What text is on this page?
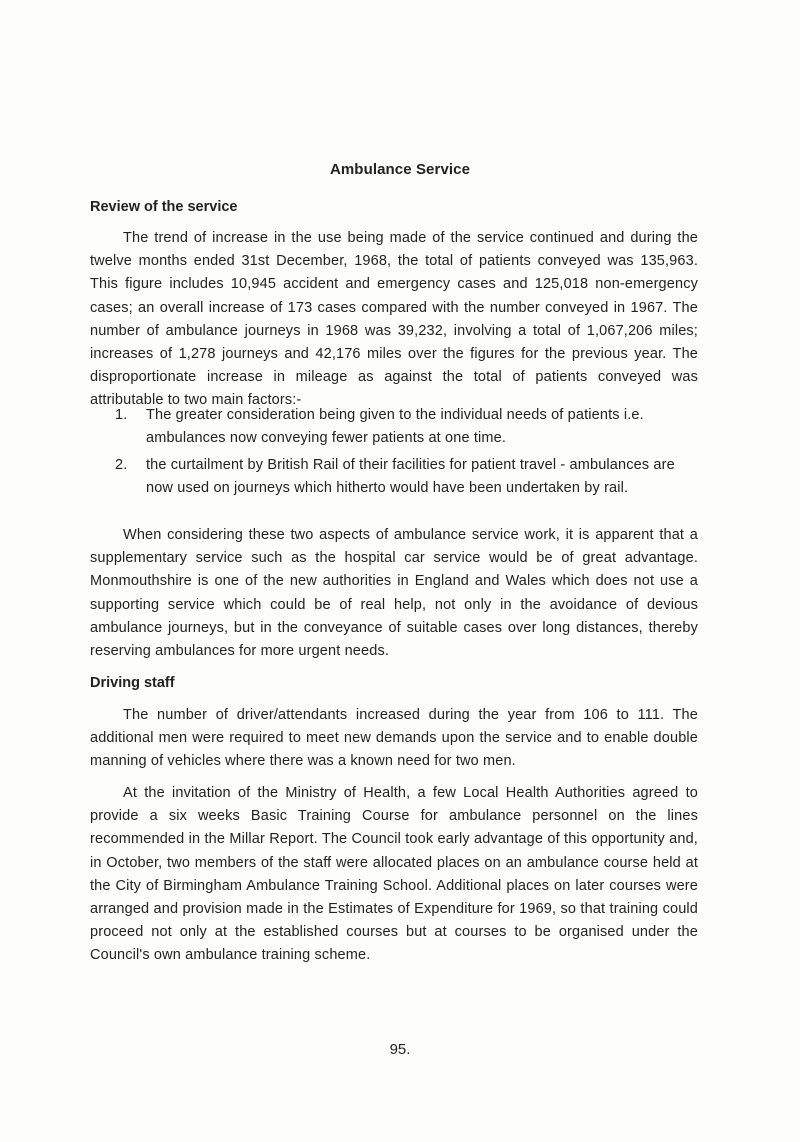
Ambulance Service
Review of the service

The trend of increase in the use being made of the service continued and during the twelve months ended 31st December, 1968, the total of patients conveyed was 135,963. This figure includes 10,945 accident and emergency cases and 125,018 non-emergency cases; an overall increase of 173 cases compared with the number conveyed in 1967. The number of ambulance journeys in 1968 was 39,232, involving a total of 1,067,206 miles; increases of 1,278 journeys and 42,176 miles over the figures for the previous year. The disproportionate increase in mileage as against the total of patients conveyed was attributable to two main factors:-

1. The greater consideration being given to the individual needs of patients i.e. ambulances now conveying fewer patients at one time.
2. the curtailment by British Rail of their facilities for patient travel - ambulances are now used on journeys which hitherto would have been undertaken by rail.

When considering these two aspects of ambulance service work, it is apparent that a supplementary service such as the hospital car service would be of great advantage. Monmouthshire is one of the new authorities in England and Wales which does not use a supporting service which could be of real help, not only in the avoidance of devious ambulance journeys, but in the conveyance of suitable cases over long distances, thereby reserving ambulances for more urgent needs.

Driving staff

The number of driver/attendants increased during the year from 106 to 111. The additional men were required to meet new demands upon the service and to enable double manning of vehicles where there was a known need for two men.

At the invitation of the Ministry of Health, a few Local Health Authorities agreed to provide a six weeks Basic Training Course for ambulance personnel on the lines recommended in the Millar Report. The Council took early advantage of this opportunity and, in October, two members of the staff were allocated places on an ambulance course held at the City of Birmingham Ambulance Training School. Additional places on later courses were arranged and provision made in the Estimates of Expenditure for 1969, so that training could proceed not only at the established courses but at courses to be organised under the Council's own ambulance training scheme.

95.
